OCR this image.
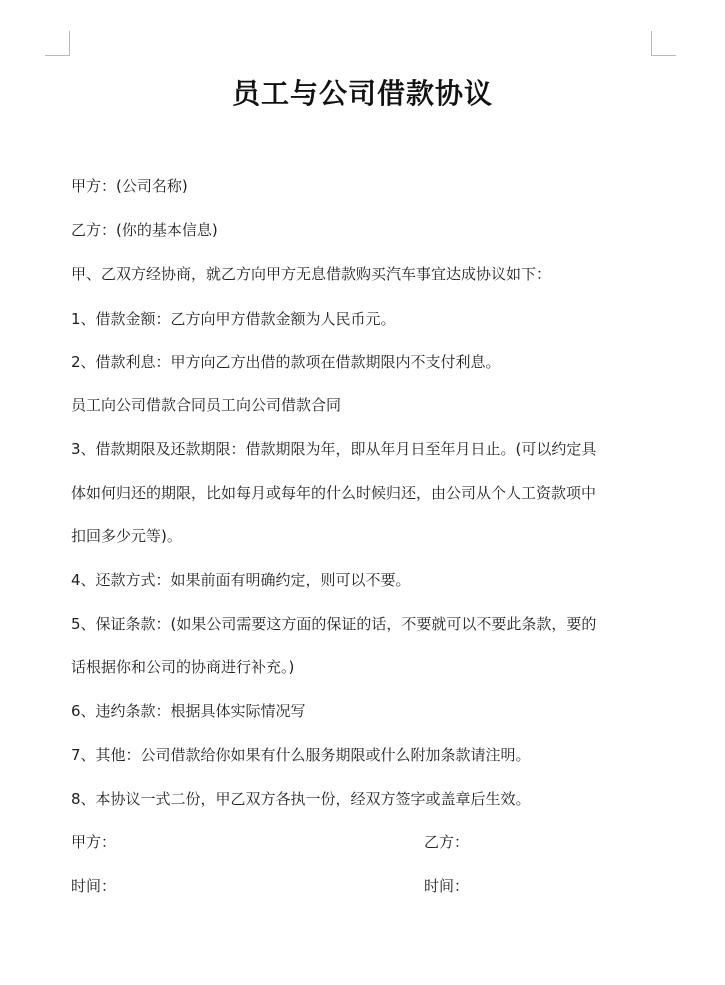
员工与公司借款协议
甲方：(公司名称)
乙方：(你的基本信息)
甲、乙双方经协商，就乙方向甲方无息借款购买汽车事宜达成协议如下：
1、借款金额：乙方向甲方借款金额为人民币元。
2、借款利息：甲方向乙方出借的款项在借款期限内不支付利息。
员工向公司借款合同员工向公司借款合同
3、借款期限及还款期限：借款期限为年，即从年月日至年月日止。(可以约定具
体如何归还的期限，比如每月或每年的什么时候归还，由公司从个人工资款项中
扣回多少元等)。
4、还款方式：如果前面有明确约定，则可以不要。
5、保证条款：(如果公司需要这方面的保证的话，不要就可以不要此条款，要的
话根据你和公司的协商进行补充。)
6、违约条款：根据具体实际情况写
7、其他：公司借款给你如果有什么服务期限或什么附加条款请注明。
8、本协议一式二份，甲乙双方各执一份，经双方签字或盖章后生效。
甲方：	乙方：
时间：	时间：
